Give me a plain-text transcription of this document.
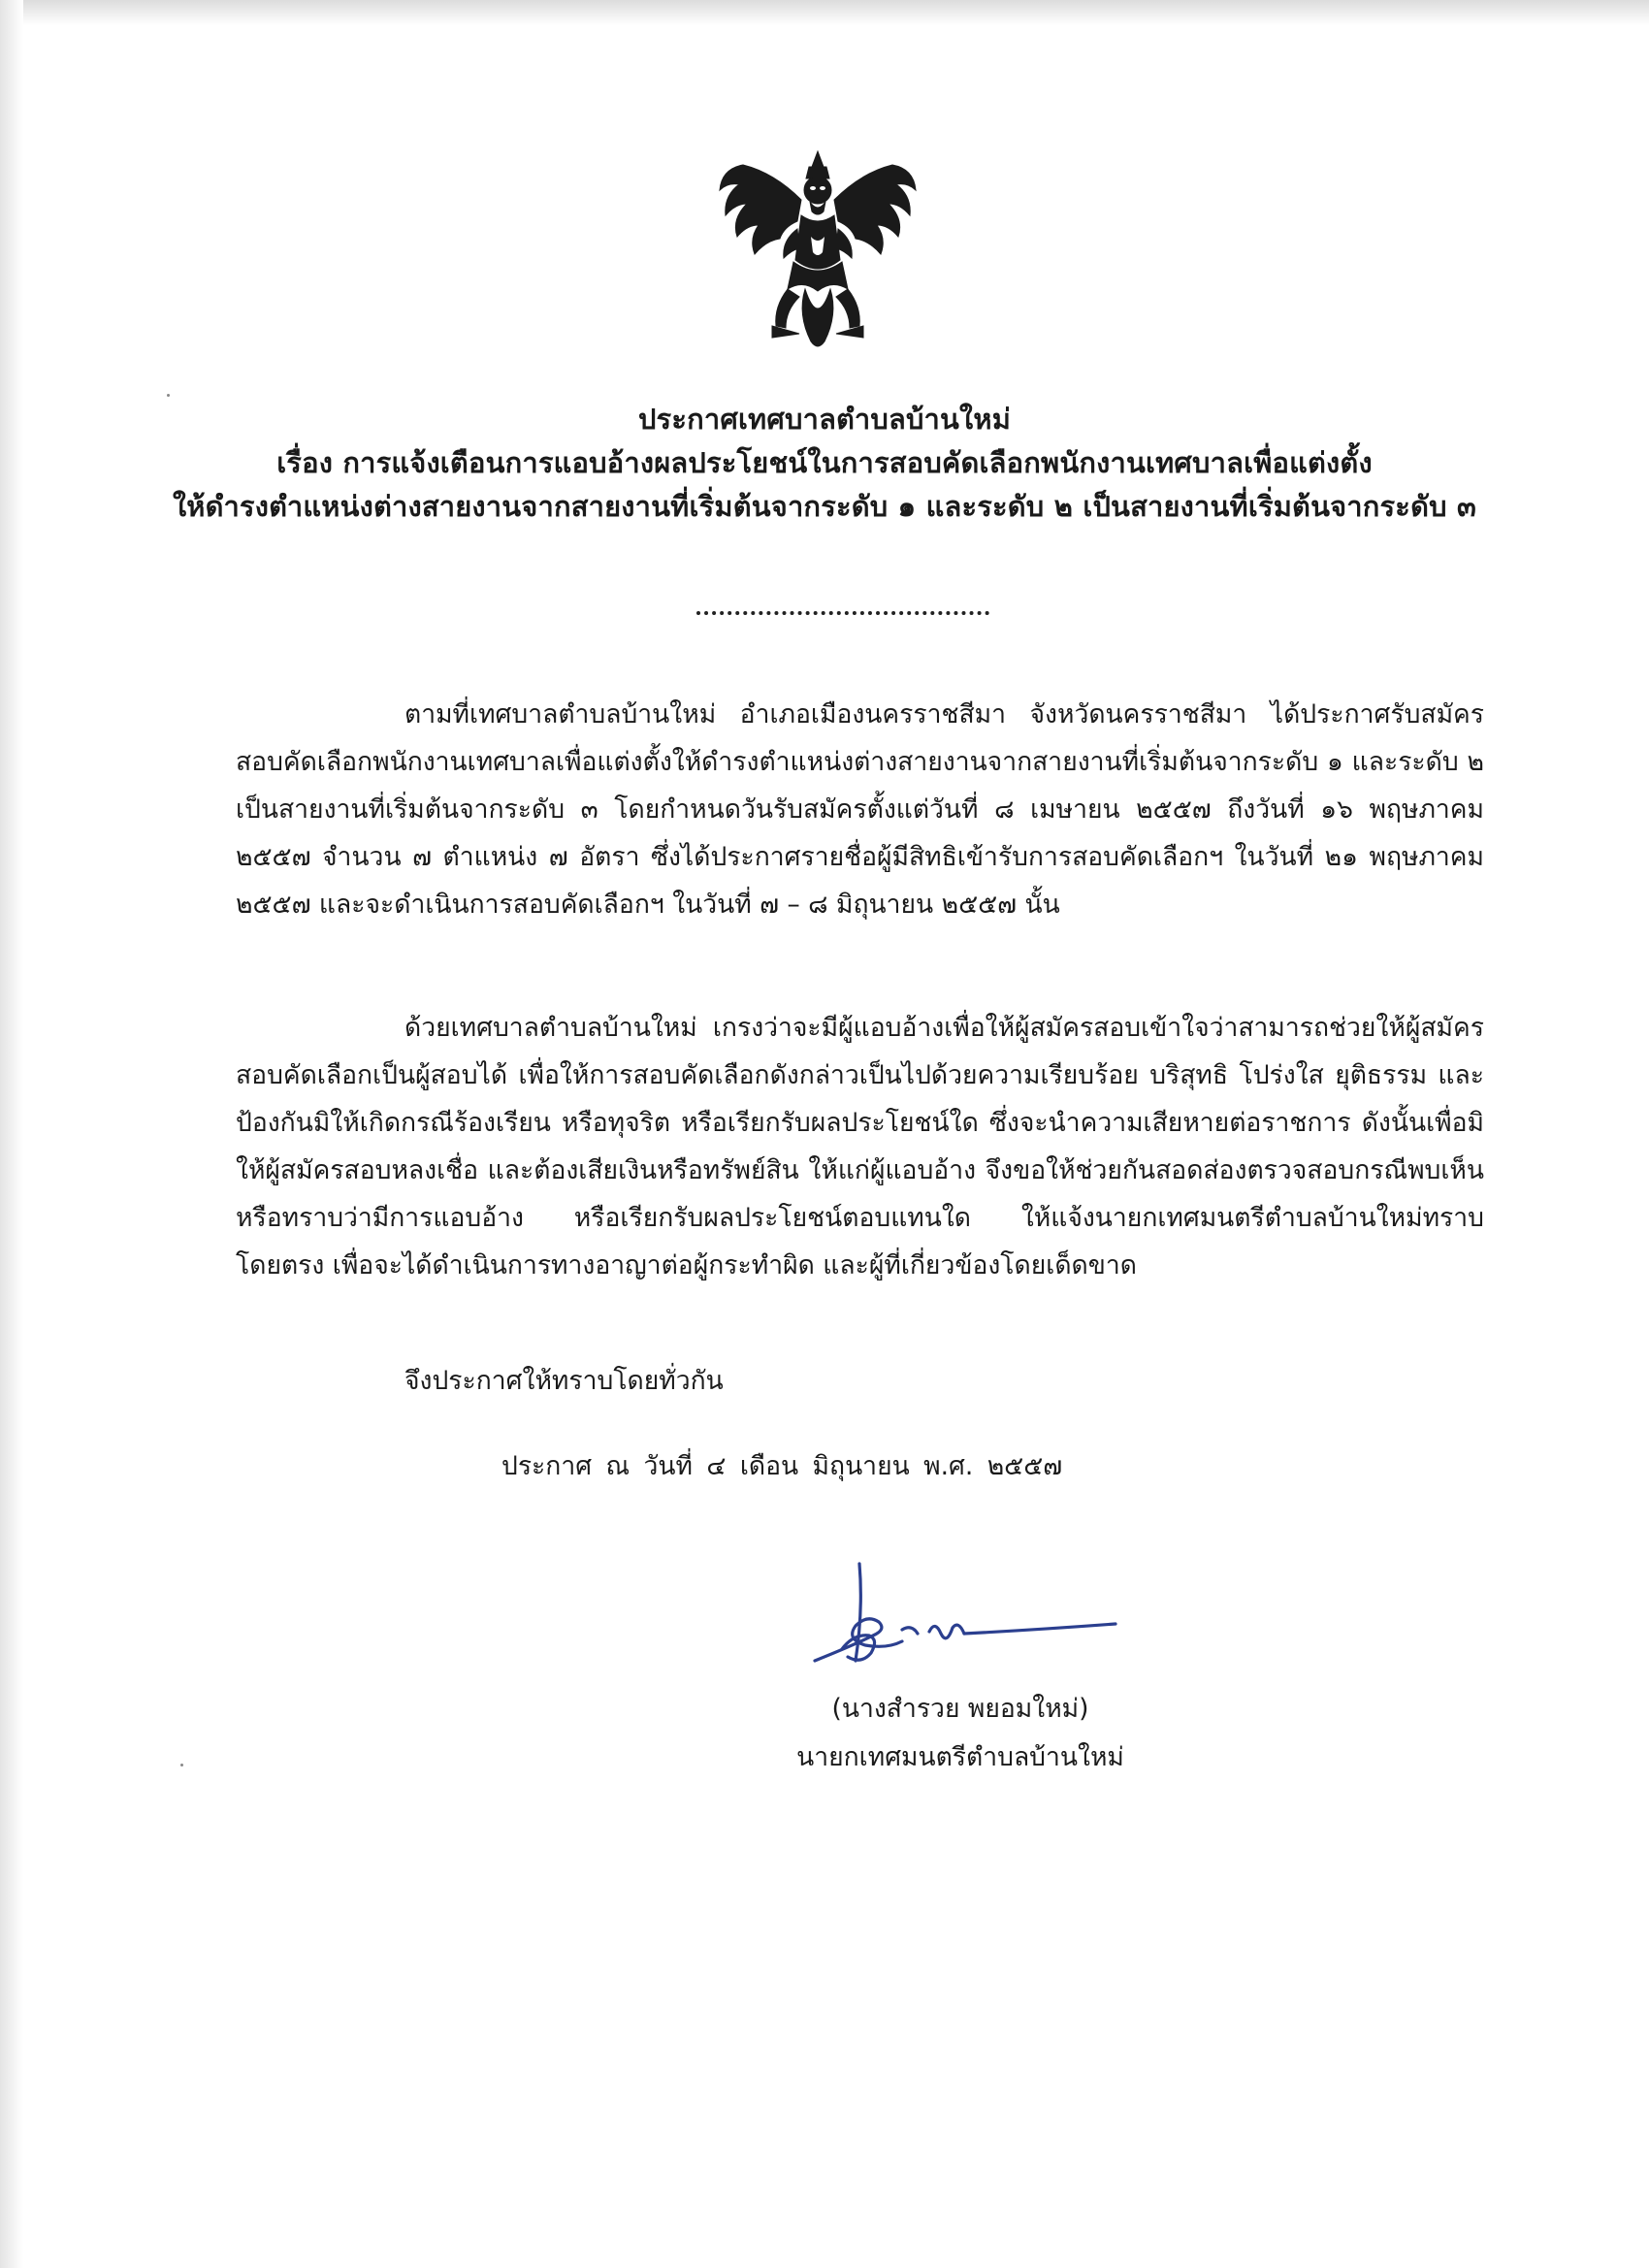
ประกาศเทศบาลตำบลบ้านใหม่
เรื่อง การแจ้งเตือนการแอบอ้างผลประโยชน์ในการสอบคัดเลือกพนักงานเทศบาลเพื่อแต่งตั้ง
ให้ดำรงตำแหน่งต่างสายงานจากสายงานที่เริ่มต้นจากระดับ ๑ และระดับ ๒ เป็นสายงานที่เริ่มต้นจากระดับ ๓

ตามที่เทศบาลตำบลบ้านใหม่ อำเภอเมืองนครราชสีมา จังหวัดนครราชสีมา ได้ประกาศรับสมัครสอบคัดเลือกพนักงานเทศบาลเพื่อแต่งตั้งให้ดำรงตำแหน่งต่างสายงานจากสายงานที่เริ่มต้นจากระดับ ๑ และระดับ ๒ เป็นสายงานที่เริ่มต้นจากระดับ ๓ โดยกำหนดวันรับสมัครตั้งแต่วันที่ ๘ เมษายน ๒๕๕๗ ถึงวันที่ ๑๖ พฤษภาคม ๒๕๕๗ จำนวน ๗ ตำแหน่ง ๗ อัตรา ซึ่งได้ประกาศรายชื่อผู้มีสิทธิเข้ารับการสอบคัดเลือกฯ ในวันที่ ๒๑ พฤษภาคม ๒๕๕๗ และจะดำเนินการสอบคัดเลือกฯ ในวันที่ ๗ – ๘ มิถุนายน ๒๕๕๗ นั้น

ด้วยเทศบาลตำบลบ้านใหม่ เกรงว่าจะมีผู้แอบอ้างเพื่อให้ผู้สมัครสอบเข้าใจว่าสามารถช่วยให้ผู้สมัครสอบคัดเลือกเป็นผู้สอบได้ เพื่อให้การสอบคัดเลือกดังกล่าวเป็นไปด้วยความเรียบร้อย บริสุทธิ โปร่งใส ยุติธรรม และป้องกันมิให้เกิดกรณีร้องเรียน หรือทุจริต หรือเรียกรับผลประโยชน์ใด ซึ่งจะนำความเสียหายต่อราชการ ดังนั้นเพื่อมิให้ผู้สมัครสอบหลงเชื่อ และต้องเสียเงินหรือทรัพย์สิน ให้แก่ผู้แอบอ้าง จึงขอให้ช่วยกันสอดส่องตรวจสอบกรณีพบเห็น หรือทราบว่ามีการแอบอ้าง หรือเรียกรับผลประโยชน์ตอบแทนใด ให้แจ้งนายกเทศมนตรีตำบลบ้านใหม่ทราบโดยตรง เพื่อจะได้ดำเนินการทางอาญาต่อผู้กระทำผิด และผู้ที่เกี่ยวข้องโดยเด็ดขาด

จึงประกาศให้ทราบโดยทั่วกัน
ประกาศ ณ วันที่ ๔ เดือน มิถุนายน พ.ศ. ๒๕๕๗
(นางสำรวย พยอมใหม่)
นายกเทศมนตรีตำบลบ้านใหม่
